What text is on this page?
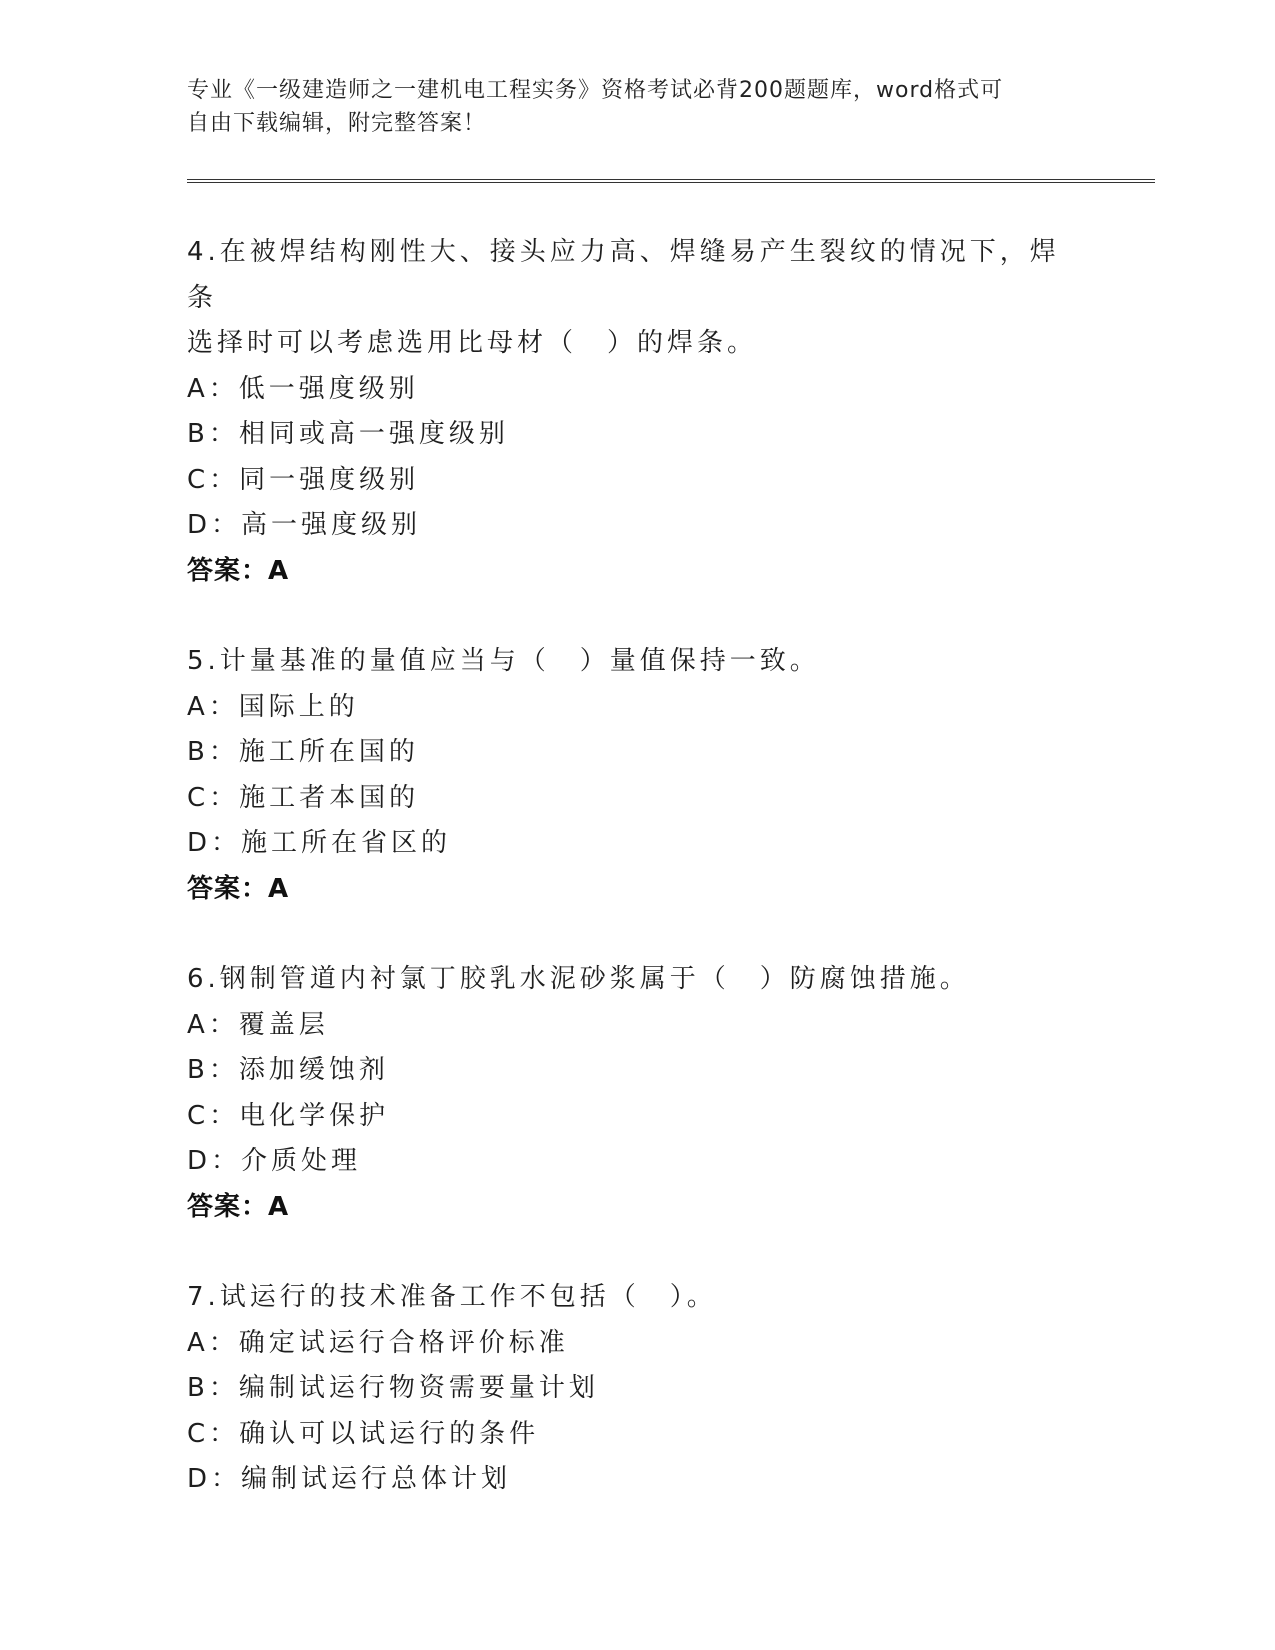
专业《一级建造师之一建机电工程实务》资格考试必背200题题库，word格式可
自由下载编辑，附完整答案！
4.在被焊结构刚性大、接头应力高、焊缝易产生裂纹的情况下，焊条
选择时可以考虑选用比母材（　）的焊条。
A：低一强度级别
B：相同或高一强度级别
C：同一强度级别
D：高一强度级别
答案：A
5.计量基准的量值应当与（　）量值保持一致。
A：国际上的
B：施工所在国的
C：施工者本国的
D：施工所在省区的
答案：A
6.钢制管道内衬氯丁胶乳水泥砂浆属于（　）防腐蚀措施。
A：覆盖层
B：添加缓蚀剂
C：电化学保护
D：介质处理
答案：A
7.试运行的技术准备工作不包括（　）。
A：确定试运行合格评价标准
B：编制试运行物资需要量计划
C：确认可以试运行的条件
D：编制试运行总体计划
